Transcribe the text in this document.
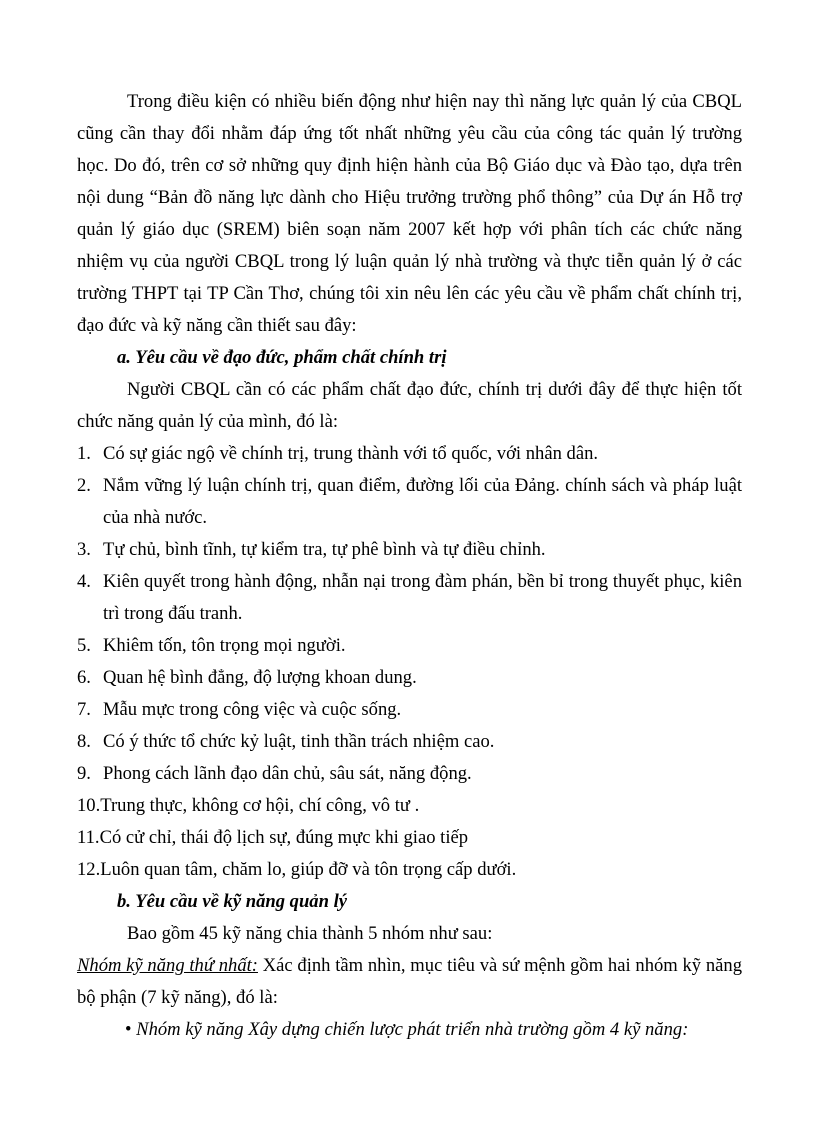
Trong điều kiện có nhiều biến động như hiện nay thì năng lực quản lý của CBQL cũng cần thay đổi nhằm đáp ứng tốt nhất những yêu cầu của công tác quản lý trường học. Do đó, trên cơ sở những quy định hiện hành của Bộ Giáo dục và Đào tạo, dựa trên nội dung “Bản đồ năng lực dành cho Hiệu trưởng trường phổ thông” của Dự án Hỗ trợ quản lý giáo dục (SREM) biên soạn năm 2007 kết hợp với phân tích các chức năng nhiệm vụ của người CBQL trong lý luận quản lý nhà trường và thực tiễn quản lý ở các trường THPT tại TP Cần Thơ, chúng tôi xin nêu lên các yêu cầu về phẩm chất chính trị, đạo đức và kỹ năng cần thiết sau đây:

a. Yêu cầu về đạo đức, phẩm chất chính trị

Người CBQL cần có các phẩm chất đạo đức, chính trị dưới đây để thực hiện tốt chức năng quản lý của mình, đó là:

1. Có sự giác ngộ về chính trị, trung thành với tổ quốc, với nhân dân.
2. Nắm vững lý luận chính trị, quan điểm, đường lối của Đảng. chính sách và pháp luật của nhà nước.
3. Tự chủ, bình tĩnh, tự kiểm tra, tự phê bình và tự điều chỉnh.
4. Kiên quyết trong hành động, nhẫn nại trong đàm phán, bền bỉ trong thuyết phục, kiên trì trong đấu tranh.
5. Khiêm tốn, tôn trọng mọi người.
6. Quan hệ bình đẳng, độ lượng khoan dung.
7. Mẫu mực trong công việc và cuộc sống.
8. Có ý thức tổ chức kỷ luật, tinh thần trách nhiệm cao.
9. Phong cách lãnh đạo dân chủ, sâu sát, năng động.
10.Trung thực, không cơ hội, chí công, vô tư .
11.Có cử chỉ, thái độ lịch sự, đúng mực khi giao tiếp
12.Luôn quan tâm, chăm lo, giúp đỡ và tôn trọng cấp dưới.

b. Yêu cầu về kỹ năng quản lý

Bao gồm 45 kỹ năng chia thành 5 nhóm như sau:

Nhóm kỹ năng thứ nhất: Xác định tầm nhìn, mục tiêu và sứ mệnh gồm hai nhóm kỹ năng bộ phận (7 kỹ năng), đó là:

• Nhóm kỹ năng Xây dựng chiến lược phát triển nhà trường gồm 4 kỹ năng:
